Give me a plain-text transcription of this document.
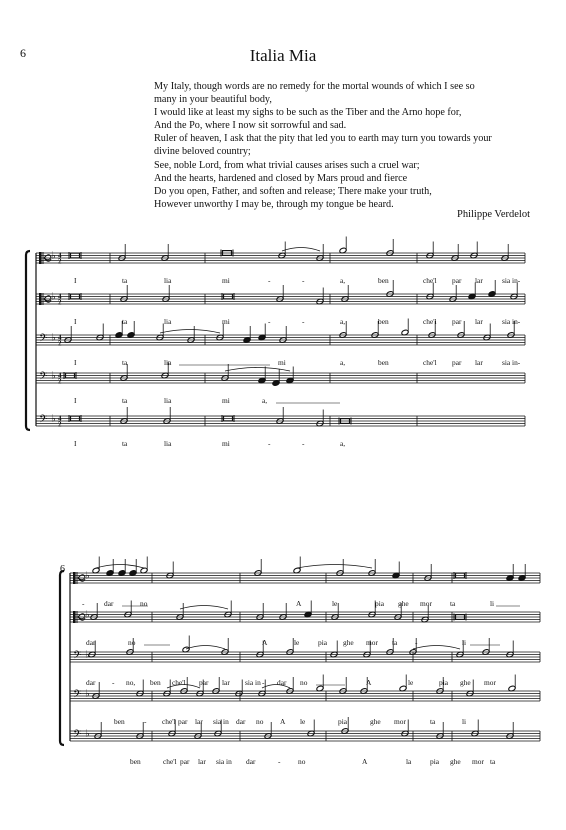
6	Italia Mia
My Italy, though words are no remedy for the mortal wounds of which I see so
many in your beautiful body,
I would like at least my sighs to be such as the Tiber and the Arno hope for,
And the Po, where I now sit sorrowful and sad.
Ruler of heaven, I ask that the pity that led you to earth may turn you towards your
divine beloved country;
See, noble Lord, from what trivial causes arises such a cruel war;
And the hearts, hardened and closed by Mars proud and fierce
Do you open, Father, and soften and release; There make your truth,
However unworthy I may be, through my tongue be heard.
Philippe Verdelot
♭ 4
2
♭ 4
2
𝄢 ♭ 4
2
𝄢 ♭ 4
2
𝄢 ♭ 4
2
I	ta	lia	mi	-	-	a,	ben	che'l par lar	sia in-
I	ta	lia	mi	-	-	a,	ben	che'l par lar	sia in-
I	ta	lia	mi	a,	ben	che'l par lar	sia in-
I	ta	lia	mi	a,
I	ta	lia	mi	-	-	a,
6
♭
♭
𝄢 ♭
𝄢 ♭
𝄢 ♭
-	dar	no	A	le	pia ghe mor ta	li
dar	no	A	le	pia ghe mor ta -	li
dar - no, ben che'l par lar sia in - dar no	A	le	pia ghe mor
ben	- che'l par lar sia in dar no A le	pia	ghe mor	ta	li
ben	che'l par lar sia in dar	- no	A	la	pia ghe mor ta
